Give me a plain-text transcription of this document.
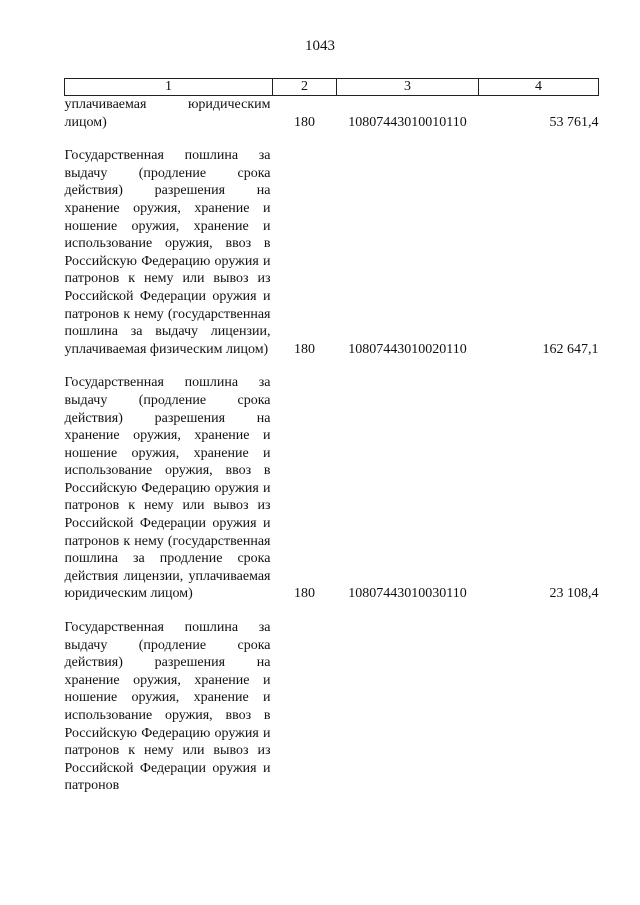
1043
1	2	3	4

уплачиваемая юридическим лицом)	180	10807443010010110	53 761,4

Государственная пошлина за выдачу (продление срока действия) разрешения на хранение оружия, хранение и ношение оружия, хранение и использование оружия, ввоз в Российскую Федерацию оружия и патронов к нему или вывоз из Российской Федерации оружия и патронов к нему (государственная пошлина за выдачу лицензии, уплачиваемая физическим лицом)	180	10807443010020110	162 647,1

Государственная пошлина за выдачу (продление срока действия) разрешения на хранение оружия, хранение и ношение оружия, хранение и использование оружия, ввоз в Российскую Федерацию оружия и патронов к нему или вывоз из Российской Федерации оружия и патронов к нему (государственная пошлина за продление срока действия лицензии, уплачиваемая юридическим лицом)	180	10807443010030110	23 108,4

Государственная пошлина за выдачу (продление срока действия) разрешения на хранение оружия, хранение и ношение оружия, хранение и использование оружия, ввоз в Российскую Федерацию оружия и патронов к нему или вывоз из Российской Федерации оружия и патронов			
